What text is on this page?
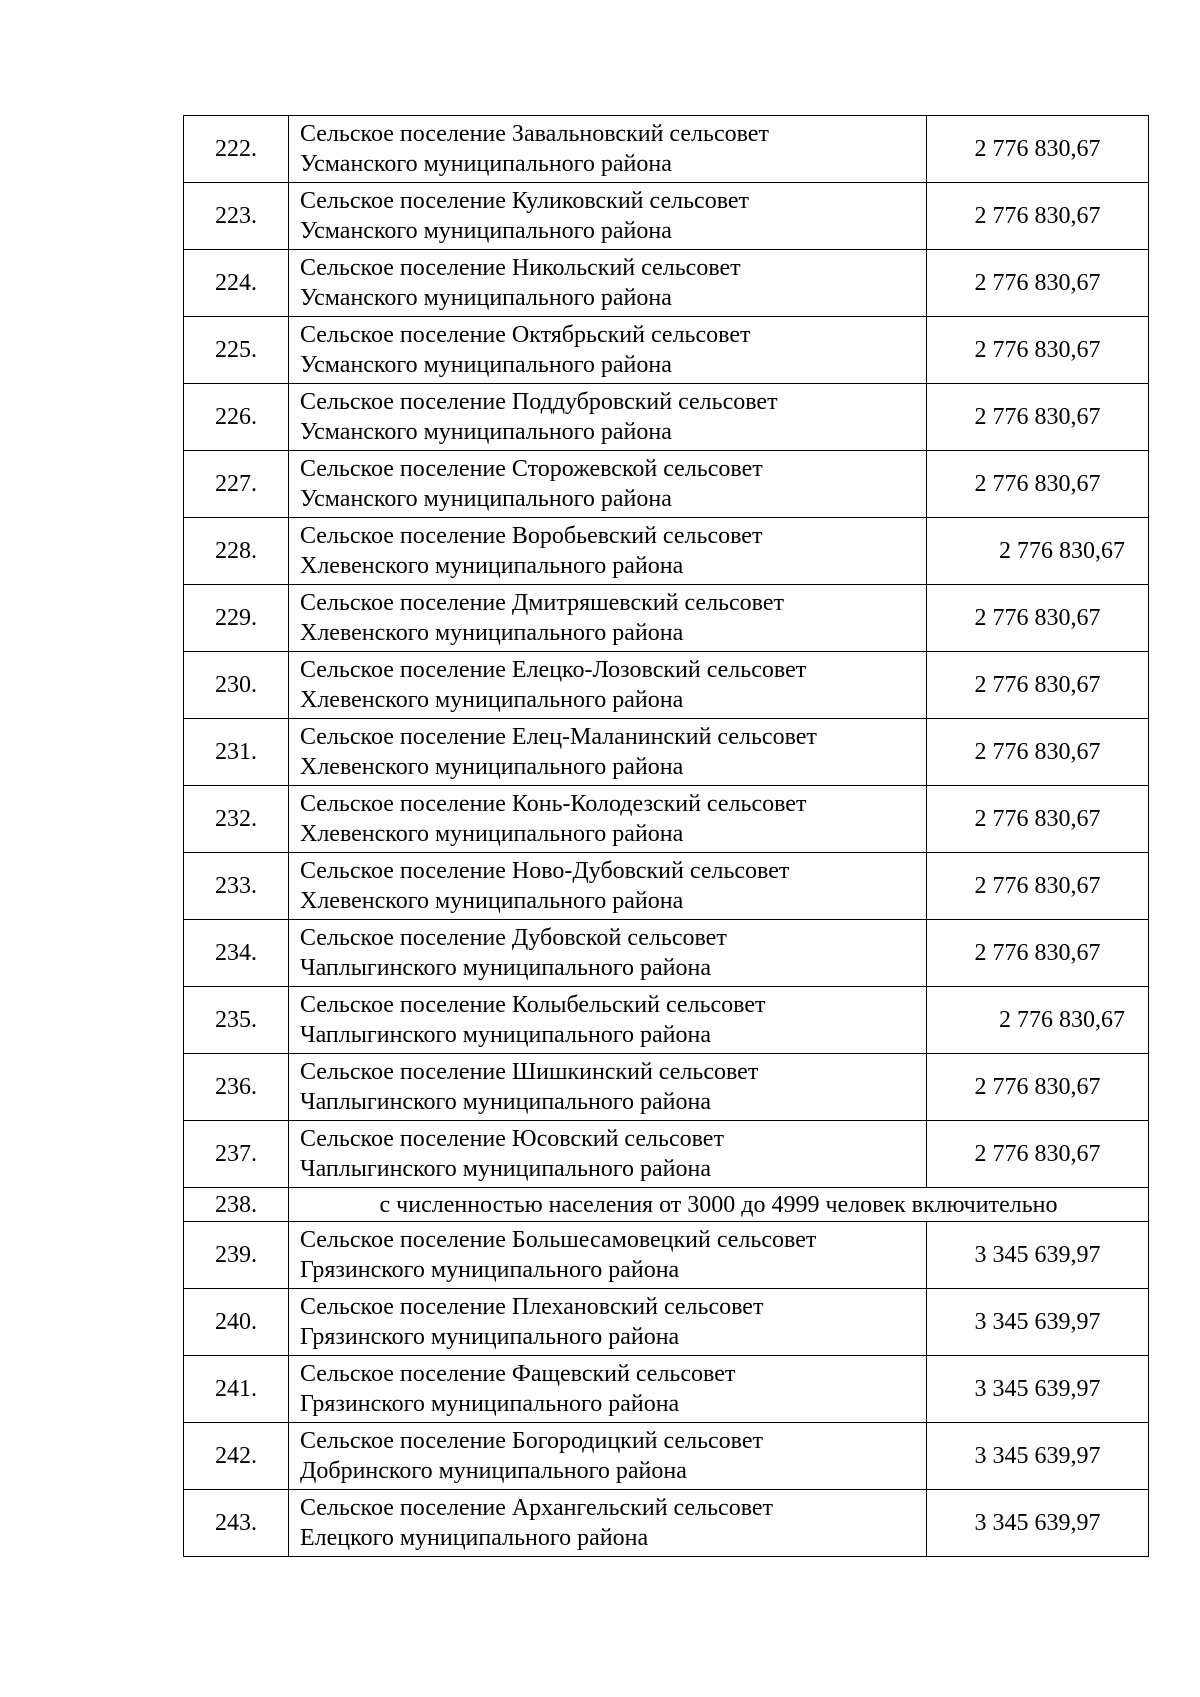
222.	Сельское поселение Завальновский сельсовет
Усманского муниципального района	2 776 830,67
223.	Сельское поселение Куликовский сельсовет
Усманского муниципального района	2 776 830,67
224.	Сельское поселение Никольский сельсовет
Усманского муниципального района	2 776 830,67
225.	Сельское поселение Октябрьский сельсовет
Усманского муниципального района	2 776 830,67
226.	Сельское поселение Поддубровский сельсовет
Усманского муниципального района	2 776 830,67
227.	Сельское поселение Сторожевской сельсовет
Усманского муниципального района	2 776 830,67
228.	Сельское поселение Воробьевский сельсовет
Хлевенского муниципального района	2 776 830,67
229.	Сельское поселение Дмитряшевский сельсовет
Хлевенского муниципального района	2 776 830,67
230.	Сельское поселение Елецко-Лозовский сельсовет
Хлевенского муниципального района	2 776 830,67
231.	Сельское поселение Елец-Маланинский сельсовет
Хлевенского муниципального района	2 776 830,67
232.	Сельское поселение Конь-Колодезский сельсовет
Хлевенского муниципального района	2 776 830,67
233.	Сельское поселение Ново-Дубовский сельсовет
Хлевенского муниципального района	2 776 830,67
234.	Сельское поселение Дубовской сельсовет
Чаплыгинского муниципального района	2 776 830,67
235.	Сельское поселение Колыбельский сельсовет
Чаплыгинского муниципального района	2 776 830,67
236.	Сельское поселение Шишкинский сельсовет
Чаплыгинского муниципального района	2 776 830,67
237.	Сельское поселение Юсовский сельсовет
Чаплыгинского муниципального района	2 776 830,67
238.	с численностью населения от 3000 до 4999 человек включительно	
239.	Сельское поселение Большесамовецкий сельсовет
Грязинского муниципального района	3 345 639,97
240.	Сельское поселение Плехановский сельсовет
Грязинского муниципального района	3 345 639,97
241.	Сельское поселение Фащевский сельсовет
Грязинского муниципального района	3 345 639,97
242.	Сельское поселение Богородицкий сельсовет
Добринского муниципального района	3 345 639,97
243.	Сельское поселение Архангельский сельсовет
Елецкого муниципального района	3 345 639,97
